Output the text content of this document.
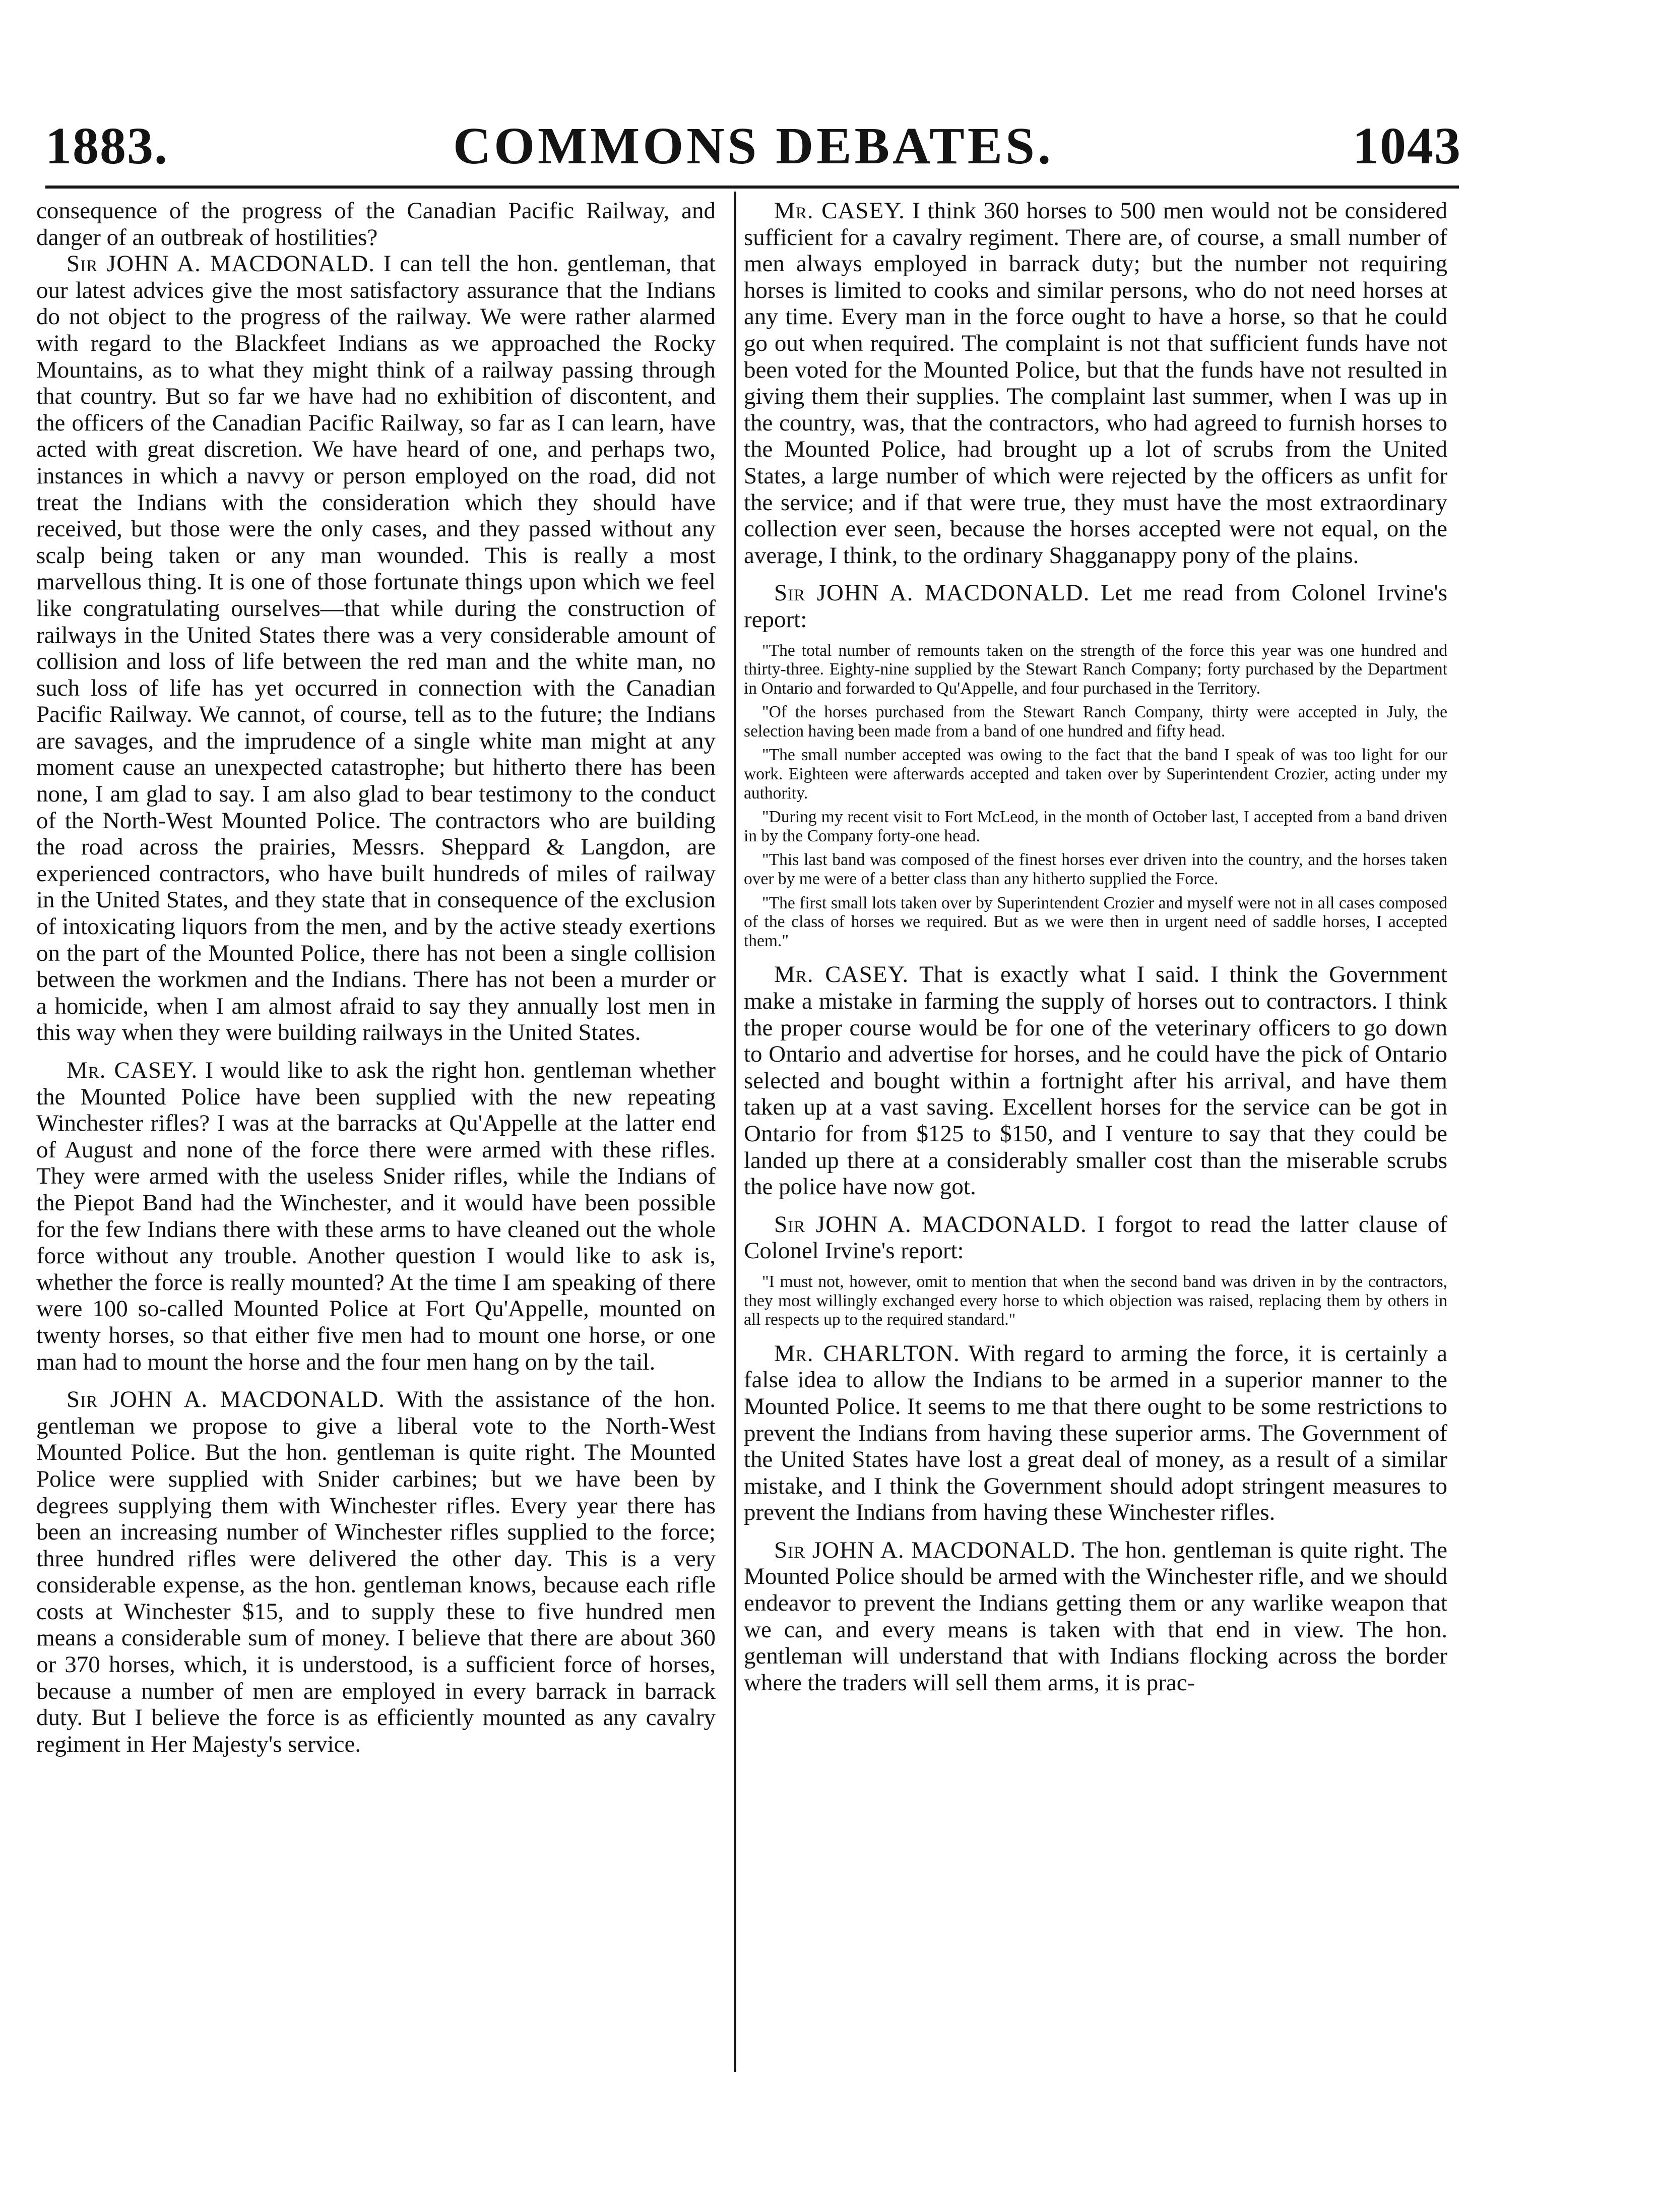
COMMONS DEBATES.
1883.	1043

consequence of the progress of the Canadian Pacific Railway, and danger of an outbreak of hostilities?

Sir JOHN A. MACDONALD. I can tell the hon. gentleman, that our latest advices give the most satisfactory assurance that the Indians do not object to the progress of the railway. We were rather alarmed with regard to the Blackfeet Indians as we approached the Rocky Mountains, as to what they might think of a railway passing through that country. But so far we have had no exhibition of discontent, and the officers of the Canadian Pacific Railway, so far as I can learn, have acted with great discretion. We have heard of one, and perhaps two, instances in which a navvy or person employed on the road, did not treat the Indians with the consideration which they should have received, but those were the only cases, and they passed without any scalp being taken or any man wounded. This is really a most marvellous thing. It is one of those fortunate things upon which we feel like congratulating ourselves—that while during the construction of railways in the United States there was a very considerable amount of collision and loss of life between the red man and the white man, no such loss of life has yet occurred in connection with the Canadian Pacific Railway. We cannot, of course, tell as to the future; the Indians are savages, and the imprudence of a single white man might at any moment cause an unexpected catastrophe; but hitherto there has been none, I am glad to say. I am also glad to bear testimony to the conduct of the North-West Mounted Police. The contractors who are building the road across the prairies, Messrs. Sheppard & Langdon, are experienced contractors, who have built hundreds of miles of railway in the United States, and they state that in consequence of the exclusion of intoxicating liquors from the men, and by the active steady exertions on the part of the Mounted Police, there has not been a single collision between the workmen and the Indians. There has not been a murder or a homicide, when I am almost afraid to say they annually lost men in this way when they were building railways in the United States.

Mr. CASEY. I would like to ask the right hon. gentleman whether the Mounted Police have been supplied with the new repeating Winchester rifles? I was at the barracks at Qu'Appelle at the latter end of August and none of the force there were armed with these rifles. They were armed with the useless Snider rifles, while the Indians of the Piepot Band had the Winchester, and it would have been possible for the few Indians there with these arms to have cleaned out the whole force without any trouble. Another question I would like to ask is, whether the force is really mounted? At the time I am speaking of there were 100 so-called Mounted Police at Fort Qu'Appelle, mounted on twenty horses, so that either five men had to mount one horse, or one man had to mount the horse and the four men hang on by the tail.

Sir JOHN A. MACDONALD. With the assistance of the hon. gentleman we propose to give a liberal vote to the North-West Mounted Police. But the hon. gentleman is quite right. The Mounted Police were supplied with Snider carbines; but we have been by degrees supplying them with Winchester rifles. Every year there has been an increasing number of Winchester rifles supplied to the force; three hundred rifles were delivered the other day. This is a very considerable expense, as the hon. gentleman knows, because each rifle costs at Winchester $15, and to supply these to five hundred men means a considerable sum of money. I believe that there are about 360 or 370 horses, which, it is understood, is a sufficient force of horses, because a number of men are employed in every barrack in barrack duty. But I believe the force is as efficiently mounted as any cavalry regiment in Her Majesty's service.

Mr. CASEY. I think 360 horses to 500 men would not be considered sufficient for a cavalry regiment. There are, of course, a small number of men always employed in barrack duty; but the number not requiring horses is limited to cooks and similar persons, who do not need horses at any time. Every man in the force ought to have a horse, so that he could go out when required. The complaint is not that sufficient funds have not been voted for the Mounted Police, but that the funds have not resulted in giving them their supplies. The complaint last summer, when I was up in the country, was, that the contractors, who had agreed to furnish horses to the Mounted Police, had brought up a lot of scrubs from the United States, a large number of which were rejected by the officers as unfit for the service; and if that were true, they must have the most extraordinary collection ever seen, because the horses accepted were not equal, on the average, I think, to the ordinary Shagganappy pony of the plains.

Sir JOHN A. MACDONALD. Let me read from Colonel Irvine's report:

"The total number of remounts taken on the strength of the force this year was one hundred and thirty-three. Eighty-nine supplied by the Stewart Ranch Company; forty purchased by the Department in Ontario and forwarded to Qu'Appelle, and four purchased in the Territory.

"Of the horses purchased from the Stewart Ranch Company, thirty were accepted in July, the selection having been made from a band of one hundred and fifty head.

"The small number accepted was owing to the fact that the band I speak of was too light for our work. Eighteen were afterwards accepted and taken over by Superintendent Crozier, acting under my authority.

"During my recent visit to Fort McLeod, in the month of October last, I accepted from a band driven in by the Company forty-one head.

"This last band was composed of the finest horses ever driven into the country, and the horses taken over by me were of a better class than any hitherto supplied the Force.

"The first small lots taken over by Superintendent Crozier and myself were not in all cases composed of the class of horses we required. But as we were then in urgent need of saddle horses, I accepted them."

Mr. CASEY. That is exactly what I said. I think the Government make a mistake in farming the supply of horses out to contractors. I think the proper course would be for one of the veterinary officers to go down to Ontario and advertise for horses, and he could have the pick of Ontario selected and bought within a fortnight after his arrival, and have them taken up at a vast saving. Excellent horses for the service can be got in Ontario for from $125 to $150, and I venture to say that they could be landed up there at a considerably smaller cost than the miserable scrubs the police have now got.

Sir JOHN A. MACDONALD. I forgot to read the latter clause of Colonel Irvine's report:

"I must not, however, omit to mention that when the second band was driven in by the contractors, they most willingly exchanged every horse to which objection was raised, replacing them by others in all respects up to the required standard."

Mr. CHARLTON. With regard to arming the force, it is certainly a false idea to allow the Indians to be armed in a superior manner to the Mounted Police. It seems to me that there ought to be some restrictions to prevent the Indians from having these superior arms. The Government of the United States have lost a great deal of money, as a result of a similar mistake, and I think the Government should adopt stringent measures to prevent the Indians from having these Winchester rifles.

Sir JOHN A. MACDONALD. The hon. gentleman is quite right. The Mounted Police should be armed with the Winchester rifle, and we should endeavor to prevent the Indians getting them or any warlike weapon that we can, and every means is taken with that end in view. The hon. gentleman will understand that with Indians flocking across the border where the traders will sell them arms, it is prac-
